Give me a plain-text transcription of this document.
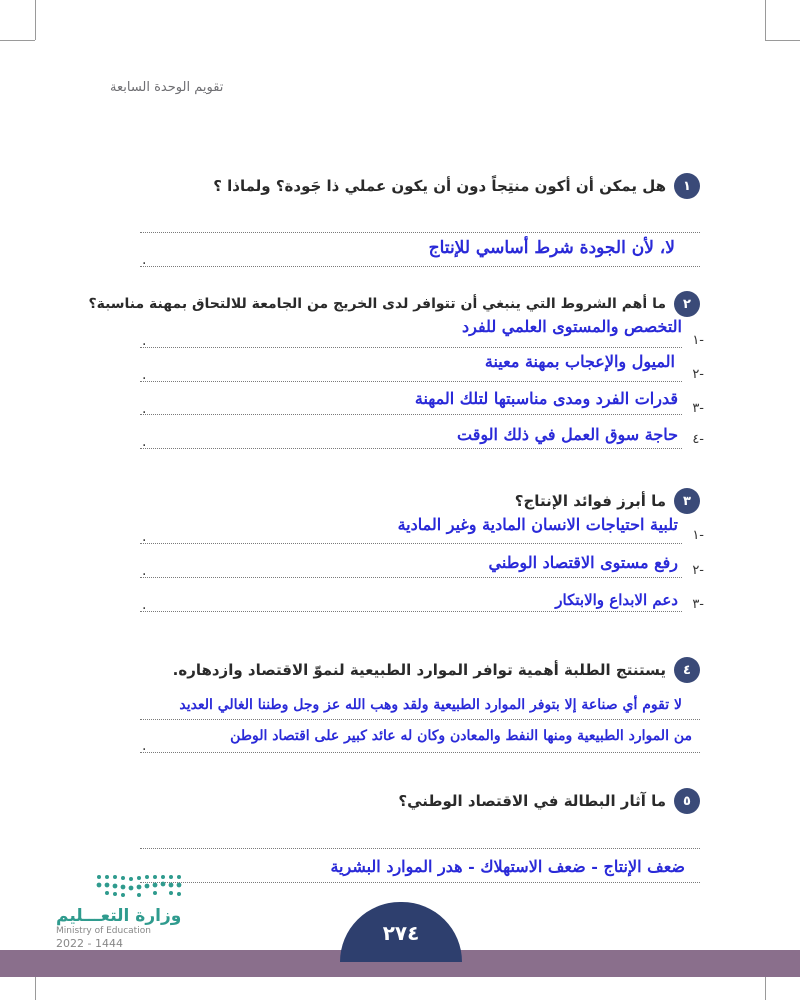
تقويم الوحدة السابعة
١
هل يمكن أن أكون منتِجاً دون أن يكون عملي ذا جَودة؟ ولماذا ؟
لا، لأن الجودة شرط أساسي للإنتاج
.
٢
ما أهم الشروط التي ينبغي أن تتوافر لدى الخريج من الجامعة للالتحاق بمهنة مناسبة؟
١-
التخصص والمستوى العلمي للفرد
.
٢-
الميول والإعجاب بمهنة معينة
.
٣-
قدرات الفرد ومدى مناسبتها لتلك المهنة
.
٤-
حاجة سوق العمل في ذلك الوقت
.
٣
ما أبرز فوائد الإنتاج؟
١-
تلبية احتياجات الانسان المادية وغير المادية
.
٢-
رفع مستوى الاقتصاد الوطني
.
٣-
دعم الابداع والابتكار
.
٤
يستنتج الطلبة أهمية توافر الموارد الطبيعية لنموّ الاقتصاد وازدهاره.
لا تقوم أي صناعة إلا بتوفر الموارد الطبيعية ولقد وهب الله عز وجل وطننا الغالي العديد
من الموارد الطبيعية ومنها النفط والمعادن وكان له عائد كبير على اقتصاد الوطن
.
٥
ما آثار البطالة في الاقتصاد الوطني؟
ضعف الإنتاج - ضعف الاستهلاك - هدر الموارد البشرية
وزارة التعـــليم
Ministry of Education
2022 - 1444	٢٧٤
